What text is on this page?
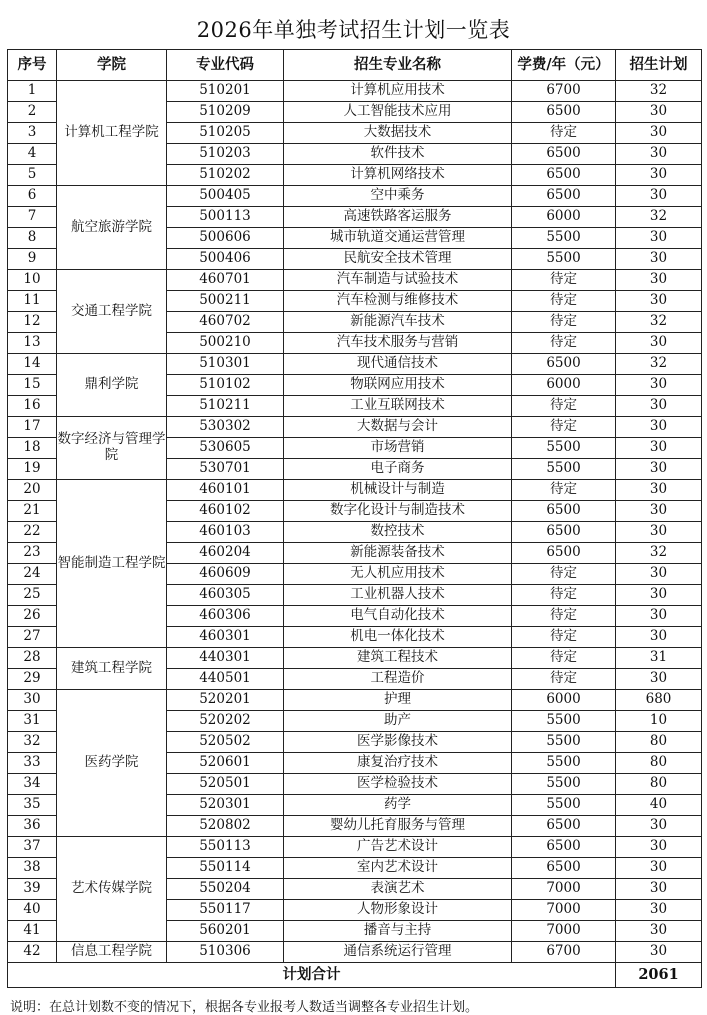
2026年单独考试招生计划一览表
序号	学院	专业代码	招生专业名称	学费/年（元）	招生计划
1	计算机工程学院	510201	计算机应用技术	6700	32
2		510209	人工智能技术应用	6500	30
3		510205	大数据技术	待定	30
4		510203	软件技术	6500	30
5		510202	计算机网络技术	6500	30
6	航空旅游学院	500405	空中乘务	6500	30
7		500113	高速铁路客运服务	6000	32
8		500606	城市轨道交通运营管理	5500	30
9		500406	民航安全技术管理	5500	30
10	交通工程学院	460701	汽车制造与试验技术	待定	30
11		500211	汽车检测与维修技术	待定	30
12		460702	新能源汽车技术	待定	32
13		500210	汽车技术服务与营销	待定	30
14	鼎利学院	510301	现代通信技术	6500	32
15		510102	物联网应用技术	6000	30
16		510211	工业互联网技术	待定	30
17	数字经济与管理学院	530302	大数据与会计	待定	30
18		530605	市场营销	5500	30
19		530701	电子商务	5500	30
20	智能制造工程学院	460101	机械设计与制造	待定	30
21		460102	数字化设计与制造技术	6500	30
22		460103	数控技术	6500	30
23		460204	新能源装备技术	6500	32
24		460609	无人机应用技术	待定	30
25		460305	工业机器人技术	待定	30
26		460306	电气自动化技术	待定	30
27		460301	机电一体化技术	待定	30
28	建筑工程学院	440301	建筑工程技术	待定	31
29		440501	工程造价	待定	30
30	医药学院	520201	护理	6000	680
31		520202	助产	5500	10
32		520502	医学影像技术	5500	80
33		520601	康复治疗技术	5500	80
34		520501	医学检验技术	5500	80
35		520301	药学	5500	40
36		520802	婴幼儿托育服务与管理	6500	30
37	艺术传媒学院	550113	广告艺术设计	6500	30
38		550114	室内艺术设计	6500	30
39		550204	表演艺术	7000	30
40		550117	人物形象设计	7000	30
41		560201	播音与主持	7000	30
42	信息工程学院	510306	通信系统运行管理	6700	30
计划合计					2061
说明：在总计划数不变的情况下，根据各专业报考人数适当调整各专业招生计划。
